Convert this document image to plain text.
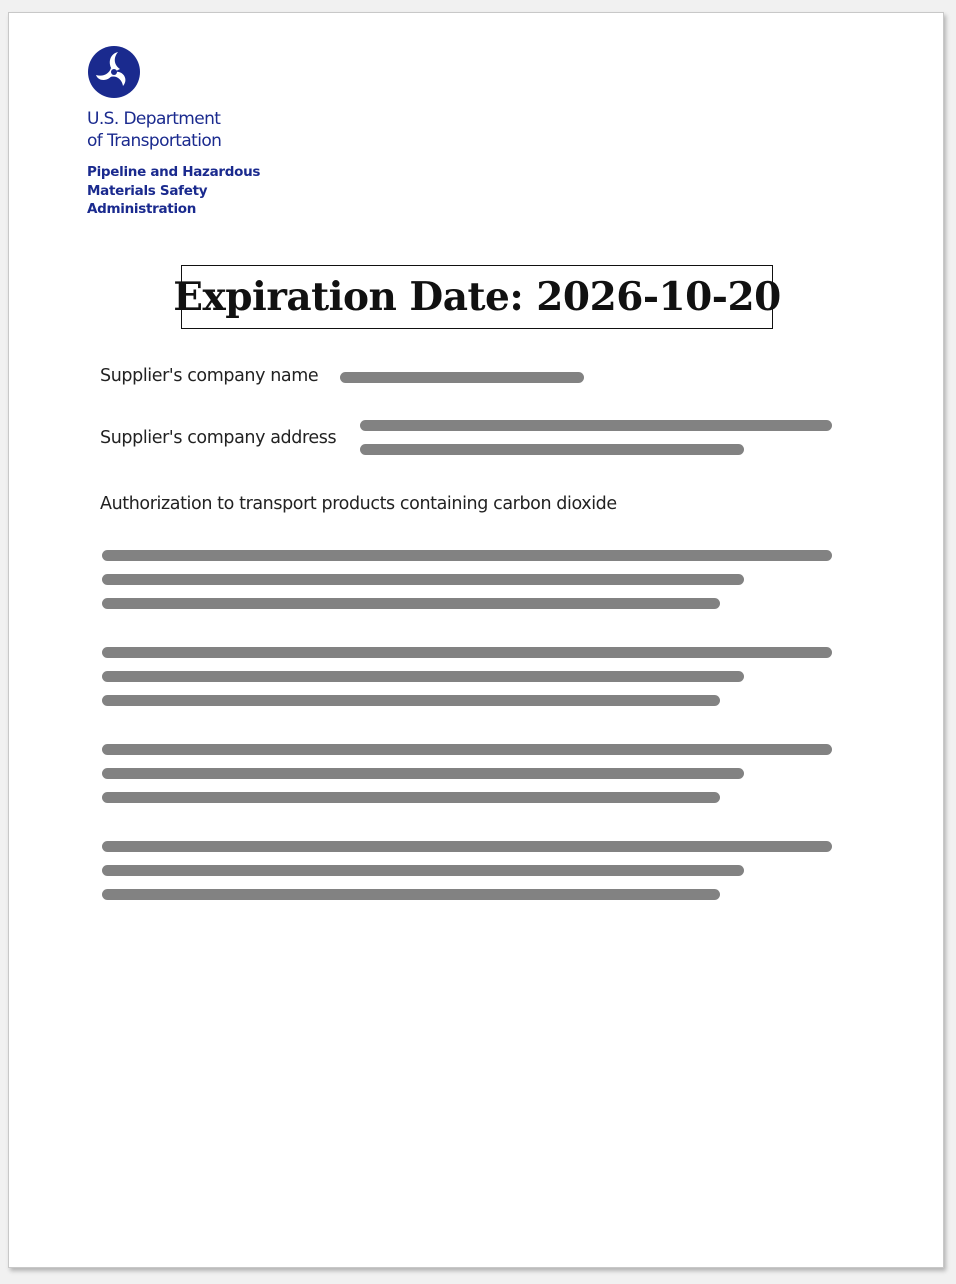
U.S. Department
of Transportation
Pipeline and Hazardous
Materials Safety
Administration
Expiration Date: 2026-10-20
Supplier's company name
Supplier's company address
Authorization to transport products containing carbon dioxide
